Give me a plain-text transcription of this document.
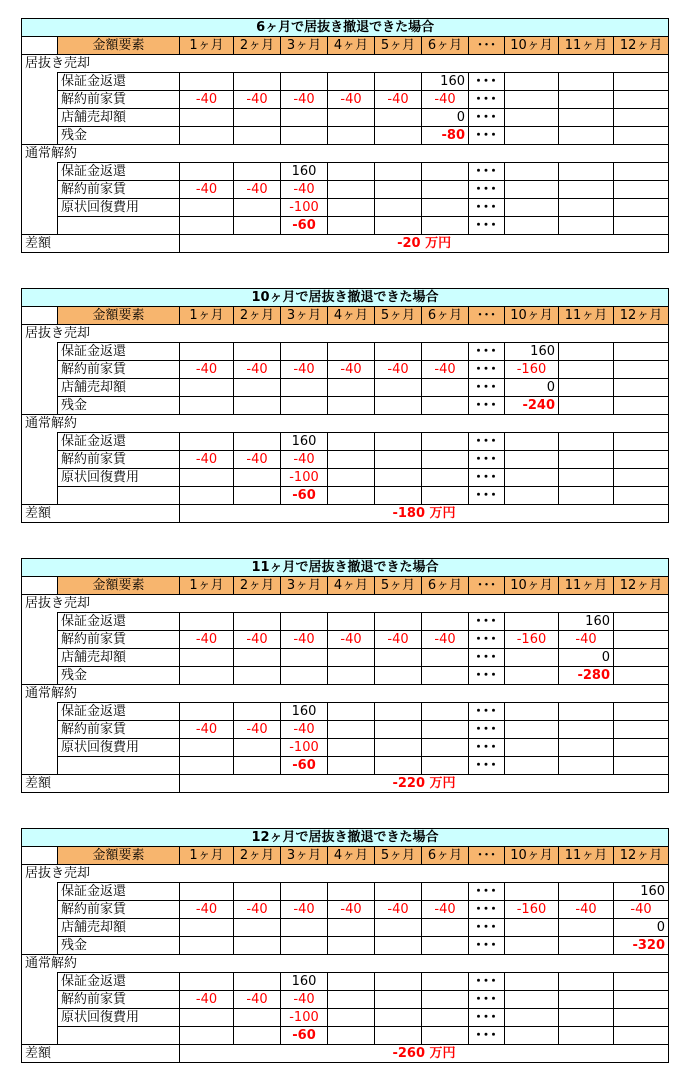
6ヶ月で居抜き撤退できた場合											
	金額要素	1ヶ月	2ヶ月	3ヶ月	4ヶ月	5ヶ月	6ヶ月	･･･	10ヶ月	11ヶ月	12ヶ月
居抜き売却											
	保証金返還						160	･･･			
	解約前家賃	-40	-40	-40	-40	-40	-40	･･･			
	店舗売却額						0	･･･			
	残金						-80	･･･			
通常解約											
	保証金返還			160				･･･			
	解約前家賃	-40	-40	-40				･･･			
	原状回復費用			-100				･･･			
				-60				･･･			
差額		-20 万円									
10ヶ月で居抜き撤退できた場合											
	金額要素	1ヶ月	2ヶ月	3ヶ月	4ヶ月	5ヶ月	6ヶ月	･･･	10ヶ月	11ヶ月	12ヶ月
居抜き売却											
	保証金返還							･･･	160		
	解約前家賃	-40	-40	-40	-40	-40	-40	･･･	-160		
	店舗売却額							･･･	0		
	残金							･･･	-240		
通常解約											
	保証金返還			160				･･･			
	解約前家賃	-40	-40	-40				･･･			
	原状回復費用			-100				･･･			
				-60				･･･			
差額		-180 万円									
11ヶ月で居抜き撤退できた場合											
	金額要素	1ヶ月	2ヶ月	3ヶ月	4ヶ月	5ヶ月	6ヶ月	･･･	10ヶ月	11ヶ月	12ヶ月
居抜き売却											
	保証金返還							･･･		160	
	解約前家賃	-40	-40	-40	-40	-40	-40	･･･	-160	-40	
	店舗売却額							･･･		0	
	残金							･･･		-280	
通常解約											
	保証金返還			160				･･･			
	解約前家賃	-40	-40	-40				･･･			
	原状回復費用			-100				･･･			
				-60				･･･			
差額		-220 万円									
12ヶ月で居抜き撤退できた場合											
	金額要素	1ヶ月	2ヶ月	3ヶ月	4ヶ月	5ヶ月	6ヶ月	･･･	10ヶ月	11ヶ月	12ヶ月
居抜き売却											
	保証金返還							･･･			160
	解約前家賃	-40	-40	-40	-40	-40	-40	･･･	-160	-40	-40
	店舗売却額							･･･			0
	残金							･･･			-320
通常解約											
	保証金返還			160				･･･			
	解約前家賃	-40	-40	-40				･･･			
	原状回復費用			-100				･･･			
				-60				･･･			
差額		-260 万円									
